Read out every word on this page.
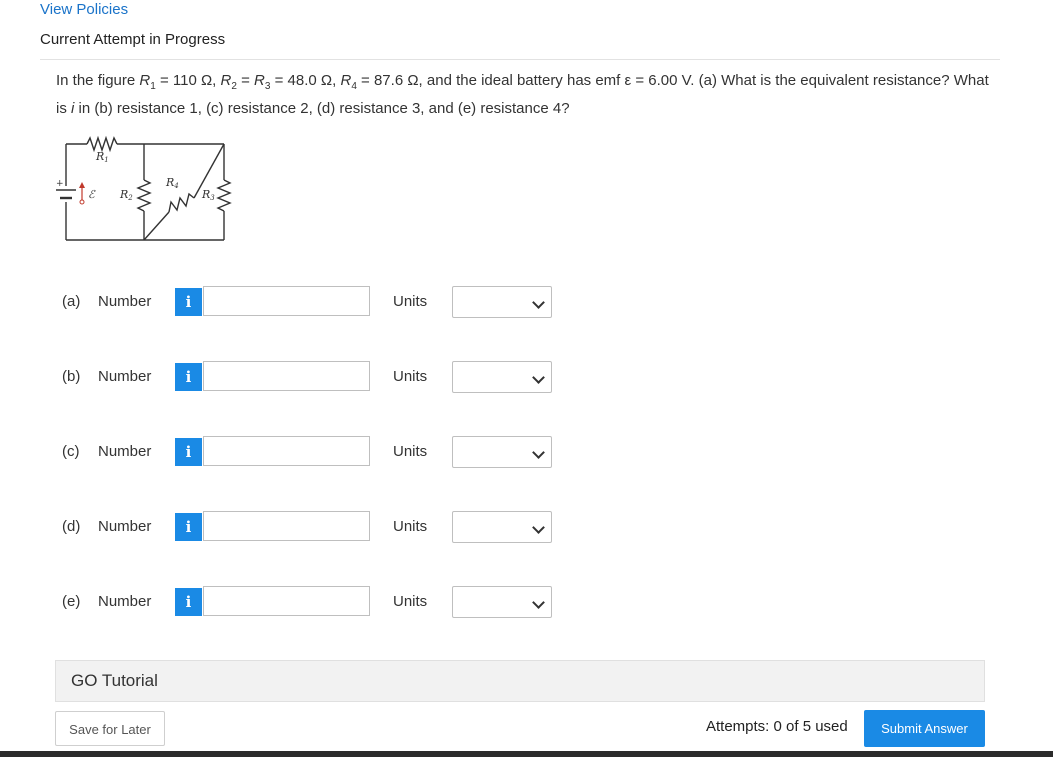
View Policies
Current Attempt in Progress
In the figure $R_1 = 110$ Ω, $R_2 = R_3 = 48.0$ Ω, $R_4 = 87.6$ Ω, and the ideal battery has emf ε = 6.00 V. (a) What is the equivalent resistance? What is i in (b) resistance 1, (c) resistance 2, (d) resistance 3, and (e) resistance 4?
+
ℰ
R1
R2	R3
R4
(a) Number	i	Units
(b) Number	i	Units
(c) Number	i	Units
(d) Number	i	Units
(e) Number	i	Units
GO Tutorial
Save for Later	Attempts: 0 of 5 used	Submit Answer
